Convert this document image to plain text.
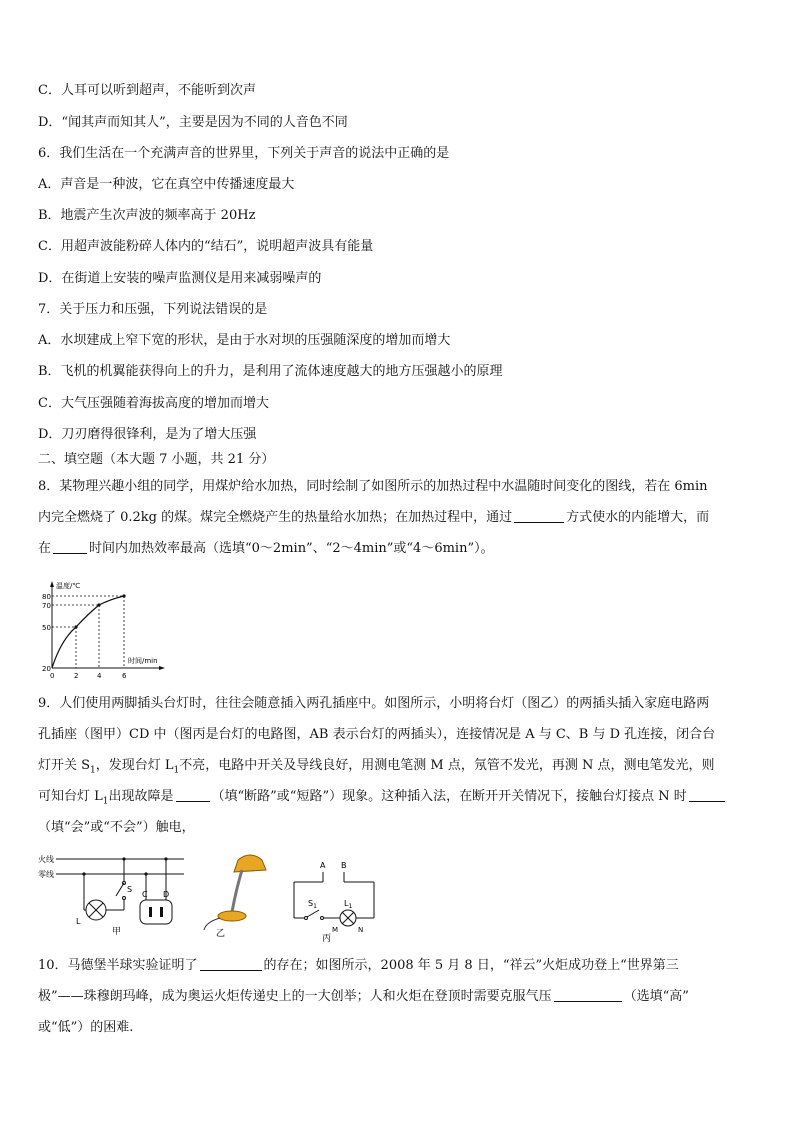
C．人耳可以听到超声，不能听到次声
D．“闻其声而知其人”，主要是因为不同的人音色不同
6．我们生活在一个充满声音的世界里，下列关于声音的说法中正确的是
A．声音是一种波，它在真空中传播速度最大
B．地震产生次声波的频率高于 20Hz
C．用超声波能粉碎人体内的“结石”，说明超声波具有能量
D．在街道上安装的噪声监测仪是用来减弱噪声的
7．关于压力和压强，下列说法错误的是
A．水坝建成上窄下宽的形状，是由于水对坝的压强随深度的增加而增大
B．飞机的机翼能获得向上的升力，是利用了流体速度越大的地方压强越小的原理
C．大气压强随着海拔高度的增加而增大
D．刀刃磨得很锋利，是为了增大压强
二、填空题（本大题 7 小题，共 21 分）
8．某物理兴趣小组的同学，用煤炉给水加热，同时绘制了如图所示的加热过程中水温随时间变化的图线，若在 6min
内完全燃烧了 0.2kg 的煤。煤完全燃烧产生的热量给水加热；在加热过程中，通过	方式使水的内能增大，而
在	时间内加热效率最高（选填“0～2min”、“2～4min”或“4～6min”）。
温度/℃
时间/min
80
70
50
20
0	2	4	6
9．人们使用两脚插头台灯时，往往会随意插入两孔插座中。如图所示，小明将台灯（图乙）的两插头插入家庭电路两
孔插座（图甲）CD 中（图丙是台灯的电路图，AB 表示台灯的两插头），连接情况是 A 与 C、B 与 D 孔连接，闭合台
灯开关 $S_1$，发现台灯 $L_1$不亮，电路中开关及导线良好，用测电笔测 M 点，氖管不发光，再测 N 点，测电笔发光，则
可知台灯 $L_1$出现故障是	（填“断路”或“短路”）现象。这种插入法，在断开开关情况下，接触台灯接点 N 时
（填“会”或“不会”）触电，
火线
零线
S
L
C D
甲	乙
A B
$S_1$	$L_1$
M	N
丙
10．马德堡半球实验证明了	的存在；如图所示，2008 年 5 月 8 日，“祥云”火炬成功登上“世界第三
极”——珠穆朗玛峰，成为奥运火炬传递史上的一大创举；人和火炬在登顶时需要克服气压	（选填“高”
或“低”）的困难.
